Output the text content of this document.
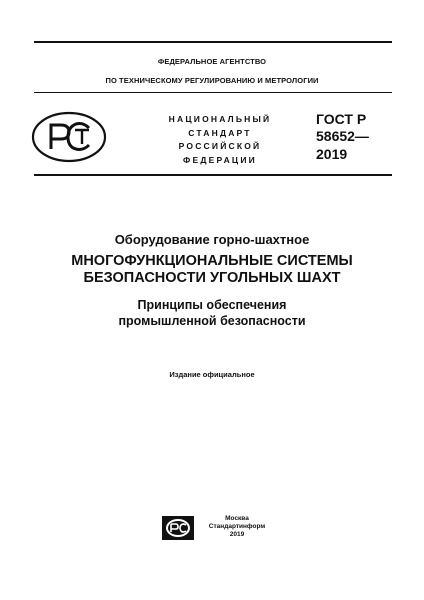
ФЕДЕРАЛЬНОЕ АГЕНТСТВО
ПО ТЕХНИЧЕСКОМУ РЕГУЛИРОВАНИЮ И МЕТРОЛОГИИ
НАЦИОНАЛЬНЫЙ
СТАНДАРТ
РОССИЙСКОЙ
ФЕДЕРАЦИИ
ГОСТ Р
58652—
2019
Оборудование горно-шахтное
МНОГОФУНКЦИОНАЛЬНЫЕ СИСТЕМЫ
БЕЗОПАСНОСТИ УГОЛЬНЫХ ШАХТ
Принципы обеспечения
промышленной безопасности
Издание официальное
Москва
Стандартинформ
2019
